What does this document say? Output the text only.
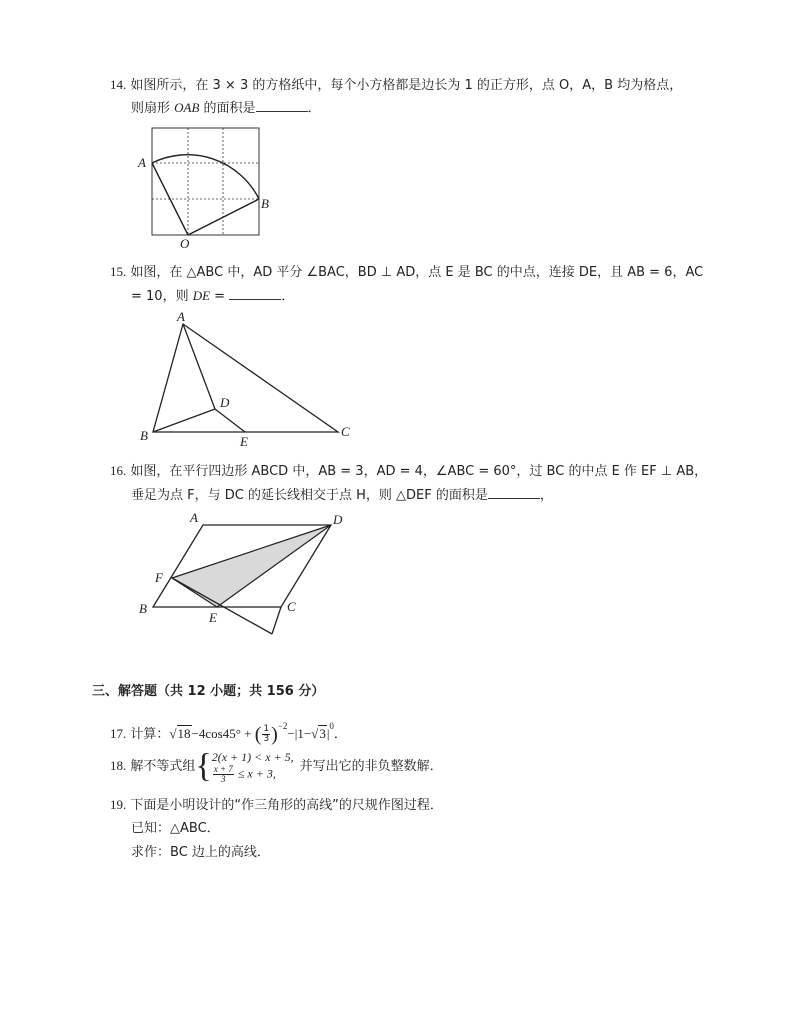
14. 如图所示，在 3 × 3 的方格纸中，每个小方格都是边长为 1 的正方形，点 O，A，B 均为格点，
则扇形 OAB 的面积是	．
A
B
O
15. 如图，在 △ABC 中，AD 平分 ∠BAC，BD ⊥ AD，点 E 是 BC 的中点，连接 DE，且 AB = 6，AC
= 10，则 DE =	．
A
B	C
D
E
16. 如图，在平行四边形 ABCD 中，AB = 3，AD = 4，∠ABC = 60°，过 BC 的中点 E 作 EF ⊥ AB，
垂足为点 F，与 DC 的延长线相交于点 H，则 △DEF 的面积是	，
A	D
F
B	C
E
三、解答题（共 12 小题；共 156 分）
17. 计算：√18−4cos45° + ( $\frac{1}{3} )^{-2}-|1-√3|^0$．
18. 解不等式组{ 2(x + 1) < x + 5,
$\frac{x + 7}{3} \le x + 3$,	并写出它的非负整数解．
19. 下面是小明设计的“作三角形的高线”的尺规作图过程．
已知：△ABC．
求作：BC 边上的高线．
